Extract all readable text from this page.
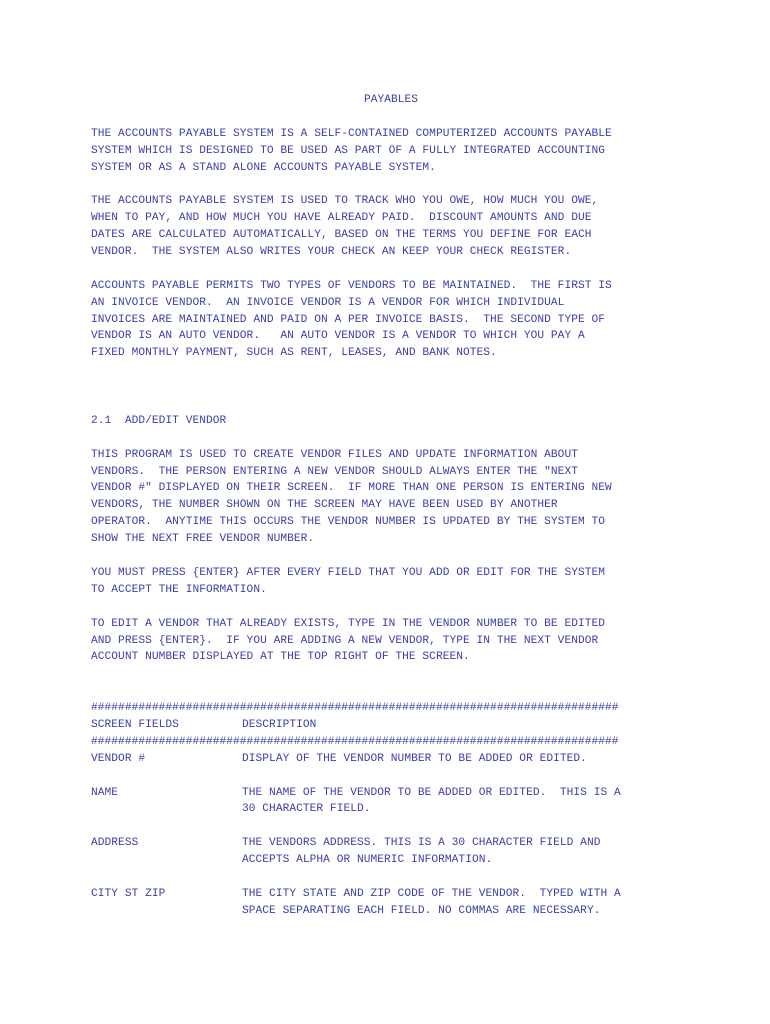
PAYABLES
THE ACCOUNTS PAYABLE SYSTEM IS A SELF-CONTAINED COMPUTERIZED ACCOUNTS PAYABLE
SYSTEM WHICH IS DESIGNED TO BE USED AS PART OF A FULLY INTEGRATED ACCOUNTING
SYSTEM OR AS A STAND ALONE ACCOUNTS PAYABLE SYSTEM.
THE ACCOUNTS PAYABLE SYSTEM IS USED TO TRACK WHO YOU OWE, HOW MUCH YOU OWE,
WHEN TO PAY, AND HOW MUCH YOU HAVE ALREADY PAID.  DISCOUNT AMOUNTS AND DUE
DATES ARE CALCULATED AUTOMATICALLY, BASED ON THE TERMS YOU DEFINE FOR EACH
VENDOR.  THE SYSTEM ALSO WRITES YOUR CHECK AN KEEP YOUR CHECK REGISTER.
ACCOUNTS PAYABLE PERMITS TWO TYPES OF VENDORS TO BE MAINTAINED.  THE FIRST IS
AN INVOICE VENDOR.  AN INVOICE VENDOR IS A VENDOR FOR WHICH INDIVIDUAL
INVOICES ARE MAINTAINED AND PAID ON A PER INVOICE BASIS.  THE SECOND TYPE OF
VENDOR IS AN AUTO VENDOR.   AN AUTO VENDOR IS A VENDOR TO WHICH YOU PAY A
FIXED MONTHLY PAYMENT, SUCH AS RENT, LEASES, AND BANK NOTES.
2.1  ADD/EDIT VENDOR
THIS PROGRAM IS USED TO CREATE VENDOR FILES AND UPDATE INFORMATION ABOUT
VENDORS.  THE PERSON ENTERING A NEW VENDOR SHOULD ALWAYS ENTER THE "NEXT
VENDOR #" DISPLAYED ON THEIR SCREEN.  IF MORE THAN ONE PERSON IS ENTERING NEW
VENDORS, THE NUMBER SHOWN ON THE SCREEN MAY HAVE BEEN USED BY ANOTHER
OPERATOR.  ANYTIME THIS OCCURS THE VENDOR NUMBER IS UPDATED BY THE SYSTEM TO
SHOW THE NEXT FREE VENDOR NUMBER.
YOU MUST PRESS {ENTER} AFTER EVERY FIELD THAT YOU ADD OR EDIT FOR THE SYSTEM
TO ACCEPT THE INFORMATION.
TO EDIT A VENDOR THAT ALREADY EXISTS, TYPE IN THE VENDOR NUMBER TO BE EDITED
AND PRESS {ENTER}.  IF YOU ARE ADDING A NEW VENDOR, TYPE IN THE NEXT VENDOR
ACCOUNT NUMBER DISPLAYED AT THE TOP RIGHT OF THE SCREEN.
##############################################################################
SCREEN FIELDS	DESCRIPTION
##############################################################################
VENDOR #	DISPLAY OF THE VENDOR NUMBER TO BE ADDED OR EDITED.
NAME	THE NAME OF THE VENDOR TO BE ADDED OR EDITED.  THIS IS A
30 CHARACTER FIELD.
ADDRESS	THE VENDORS ADDRESS. THIS IS A 30 CHARACTER FIELD AND
ACCEPTS ALPHA OR NUMERIC INFORMATION.
CITY ST ZIP	THE CITY STATE AND ZIP CODE OF THE VENDOR.  TYPED WITH A
SPACE SEPARATING EACH FIELD. NO COMMAS ARE NECESSARY.
